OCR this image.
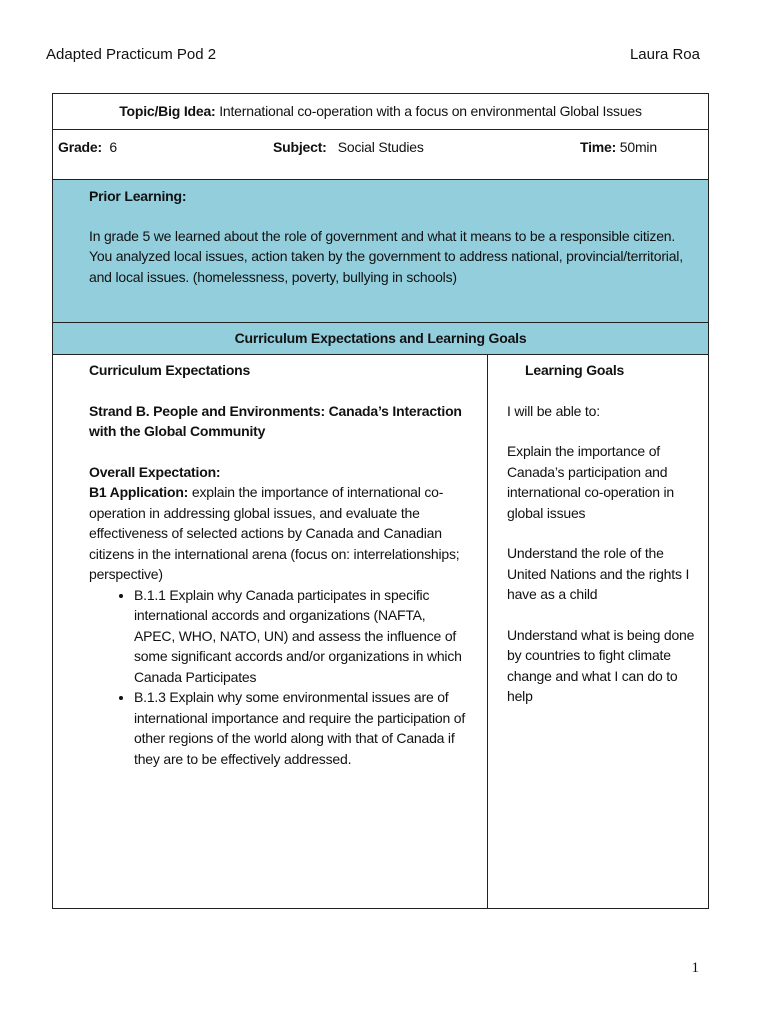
Adapted Practicum Pod 2	Laura Roa
Topic/Big Idea: International co-operation with a focus on environmental Global Issues

Grade: 6	Subject: Social Studies	Time: 50min

Prior Learning:
In grade 5 we learned about the role of government and what it means to be a responsible citizen. You analyzed local issues, action taken by the government to address national, provincial/territorial, and local issues. (homelessness, poverty, bullying in schools)

Curriculum Expectations and Learning Goals

Curriculum Expectations
Strand B. People and Environments: Canada’s Interaction with the Global Community
Overall Expectation:
B1 Application: explain the importance of international co-operation in addressing global issues, and evaluate the effectiveness of selected actions by Canada and Canadian citizens in the international arena (focus on: interrelationships; perspective)
• B.1.1 Explain why Canada participates in specific international accords and organizations (NAFTA, APEC, WHO, NATO, UN) and assess the influence of some significant accords and/or organizations in which Canada Participates
• B.1.3 Explain why some environmental issues are of international importance and require the participation of other regions of the world along with that of Canada if they are to be effectively addressed.

Learning Goals
I will be able to:
Explain the importance of Canada’s participation and international co-operation in global issues
Understand the role of the United Nations and the rights I have as a child
Understand what is being done by countries to fight climate change and what I can do to help
1
